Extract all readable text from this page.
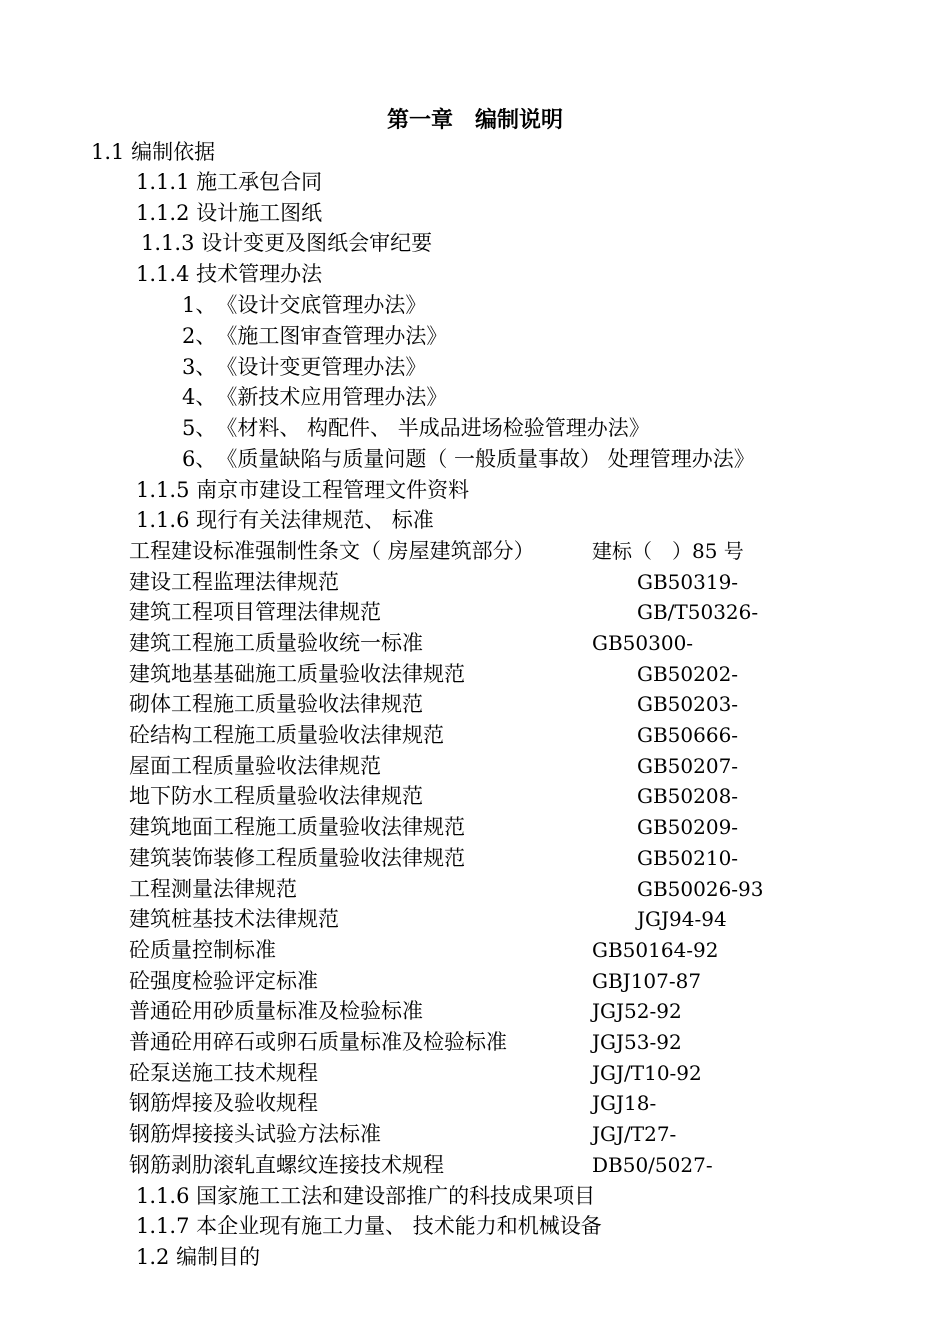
第一章　编制说明
1.1 编制依据
1.1.1 施工承包合同
1.1.2 设计施工图纸
1.1.3 设计变更及图纸会审纪要
1.1.4 技术管理办法
1、　《设计交底管理办法》
2、　《施工图审查管理办法》
3、　《设计变更管理办法》
4、　《新技术应用管理办法》
5、　《材料、 构配件、 半成品进场检验管理办法》
6、　《质量缺陷与质量问题（ 一般质量事故） 处理管理办法》
1.1.5 南京市建设工程管理文件资料
1.1.6 现行有关法律规范、 标准
工程建设标准强制性条文（ 房屋建筑部分）	建标（　）85 号
建设工程监理法律规范	GB50319-
建筑工程项目管理法律规范	GB/T50326-
建筑工程施工质量验收统一标准	GB50300-
建筑地基基础施工质量验收法律规范	GB50202-
砌体工程施工质量验收法律规范	GB50203-
砼结构工程施工质量验收法律规范	GB50666-
屋面工程质量验收法律规范	GB50207-
地下防水工程质量验收法律规范	GB50208-
建筑地面工程施工质量验收法律规范	GB50209-
建筑装饰装修工程质量验收法律规范	GB50210-
工程测量法律规范	GB50026-93
建筑桩基技术法律规范	JGJ94-94
砼质量控制标准	GB50164-92
砼强度检验评定标准	GBJ107-87
普通砼用砂质量标准及检验标准	JGJ52-92
普通砼用碎石或卵石质量标准及检验标准	JGJ53-92
砼泵送施工技术规程	JGJ/T10-92
钢筋焊接及验收规程	JGJ18-
钢筋焊接接头试验方法标准	JGJ/T27-
钢筋剥肋滚轧直螺纹连接技术规程	DB50/5027-
1.1.6 国家施工工法和建设部推广的科技成果项目
1.1.7 本企业现有施工力量、 技术能力和机械设备
1.2 编制目的
